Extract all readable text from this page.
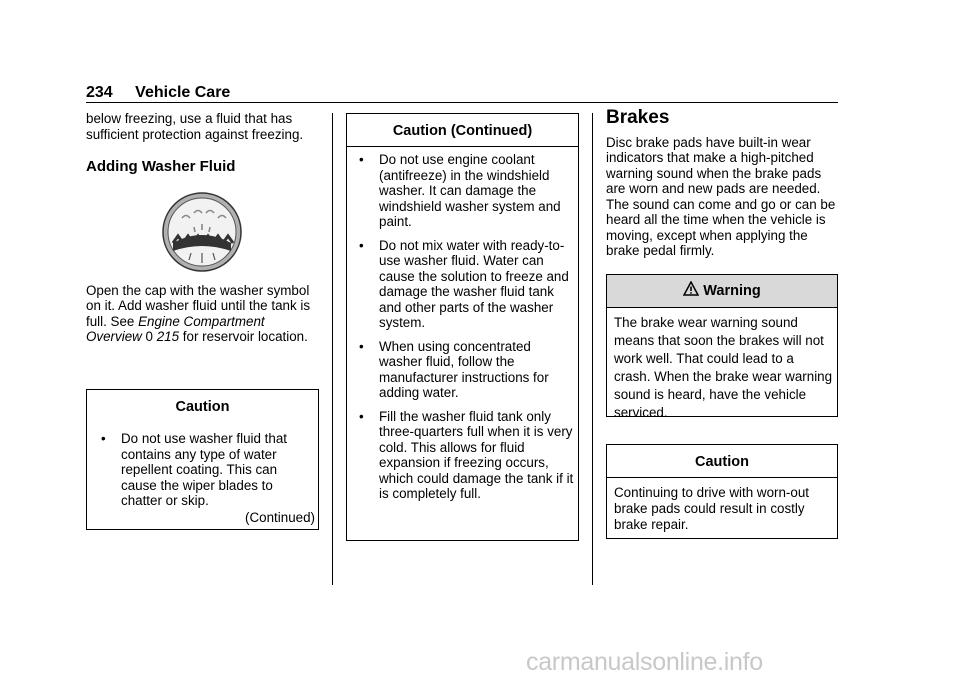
234 Vehicle Care

below freezing, use a fluid that has sufficient protection against freezing.

Adding Washer Fluid

Open the cap with the washer symbol on it. Add washer fluid until the tank is full. See Engine Compartment Overview 0 215 for reservoir location.

Caution
• Do not use washer fluid that contains any type of water repellent coating. This can cause the wiper blades to chatter or skip.
(Continued)
Caution (Continued)
• Do not use engine coolant (antifreeze) in the windshield washer. It can damage the windshield washer system and paint.
• Do not mix water with ready-to-use washer fluid. Water can cause the solution to freeze and damage the washer fluid tank and other parts of the washer system.
• When using concentrated washer fluid, follow the manufacturer instructions for adding water.
• Fill the washer fluid tank only three-quarters full when it is very cold. This allows for fluid expansion if freezing occurs, which could damage the tank if it is completely full.

Brakes

Disc brake pads have built-in wear indicators that make a high-pitched warning sound when the brake pads are worn and new pads are needed. The sound can come and go or can be heard all the time when the vehicle is moving, except when applying the brake pedal firmly.

Warning
The brake wear warning sound means that soon the brakes will not work well. That could lead to a crash. When the brake wear warning sound is heard, have the vehicle serviced.
Caution
Continuing to drive with worn-out brake pads could result in costly brake repair.
carmanualsonline.info
